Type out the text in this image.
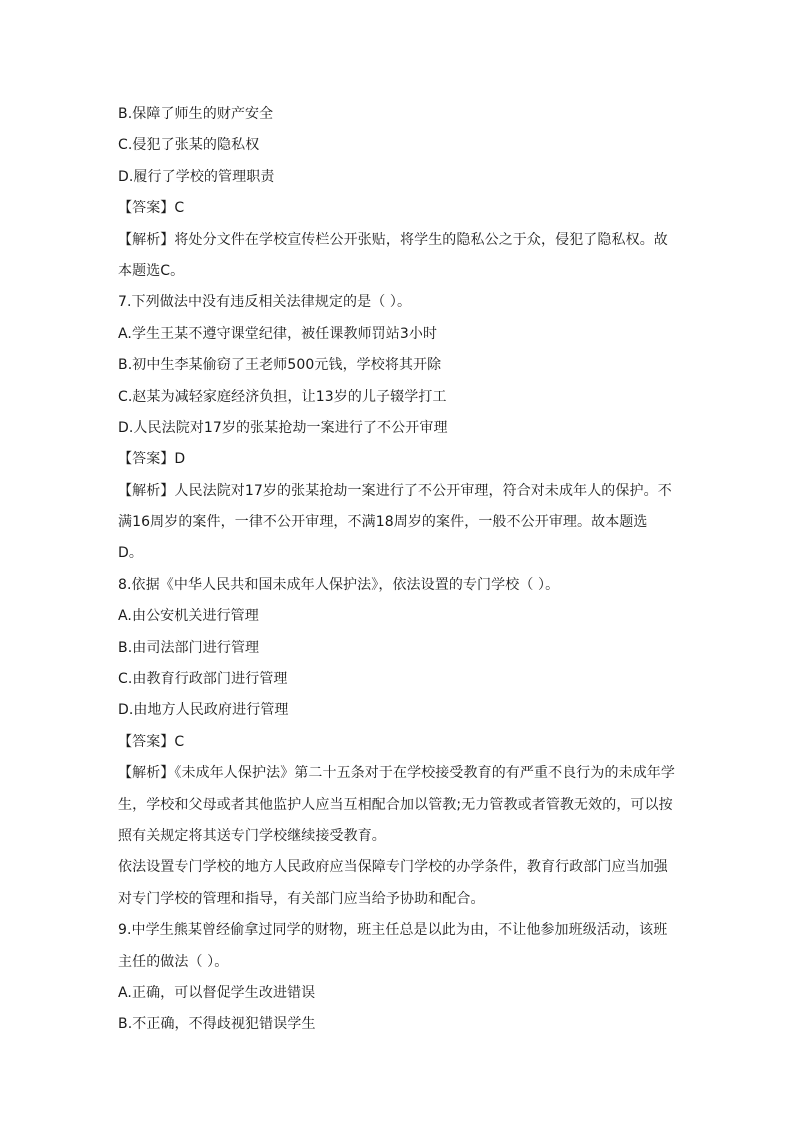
B.保障了师生的财产安全
C.侵犯了张某的隐私权
D.履行了学校的管理职责
【答案】C
【解析】将处分文件在学校宣传栏公开张贴，将学生的隐私公之于众，侵犯了隐私权。故
本题选C。
7.下列做法中没有违反相关法律规定的是（ ）。
A.学生王某不遵守课堂纪律，被任课教师罚站3小时
B.初中生李某偷窃了王老师500元钱，学校将其开除
C.赵某为减轻家庭经济负担，让13岁的儿子辍学打工
D.人民法院对17岁的张某抢劫一案进行了不公开审理
【答案】D
【解析】人民法院对17岁的张某抢劫一案进行了不公开审理，符合对未成年人的保护。不
满16周岁的案件，一律不公开审理，不满18周岁的案件，一般不公开审理。故本题选
D。
8.依据《中华人民共和国未成年人保护法》，依法设置的专门学校（ ）。
A.由公安机关进行管理
B.由司法部门进行管理
C.由教育行政部门进行管理
D.由地方人民政府进行管理
【答案】C
【解析】《未成年人保护法》第二十五条对于在学校接受教育的有严重不良行为的未成年学
生，学校和父母或者其他监护人应当互相配合加以管教;无力管教或者管教无效的，可以按
照有关规定将其送专门学校继续接受教育。
依法设置专门学校的地方人民政府应当保障专门学校的办学条件，教育行政部门应当加强
对专门学校的管理和指导，有关部门应当给予协助和配合。
9.中学生熊某曾经偷拿过同学的财物，班主任总是以此为由，不让他参加班级活动，该班
主任的做法（ ）。
A.正确，可以督促学生改进错误
B.不正确，不得歧视犯错误学生
